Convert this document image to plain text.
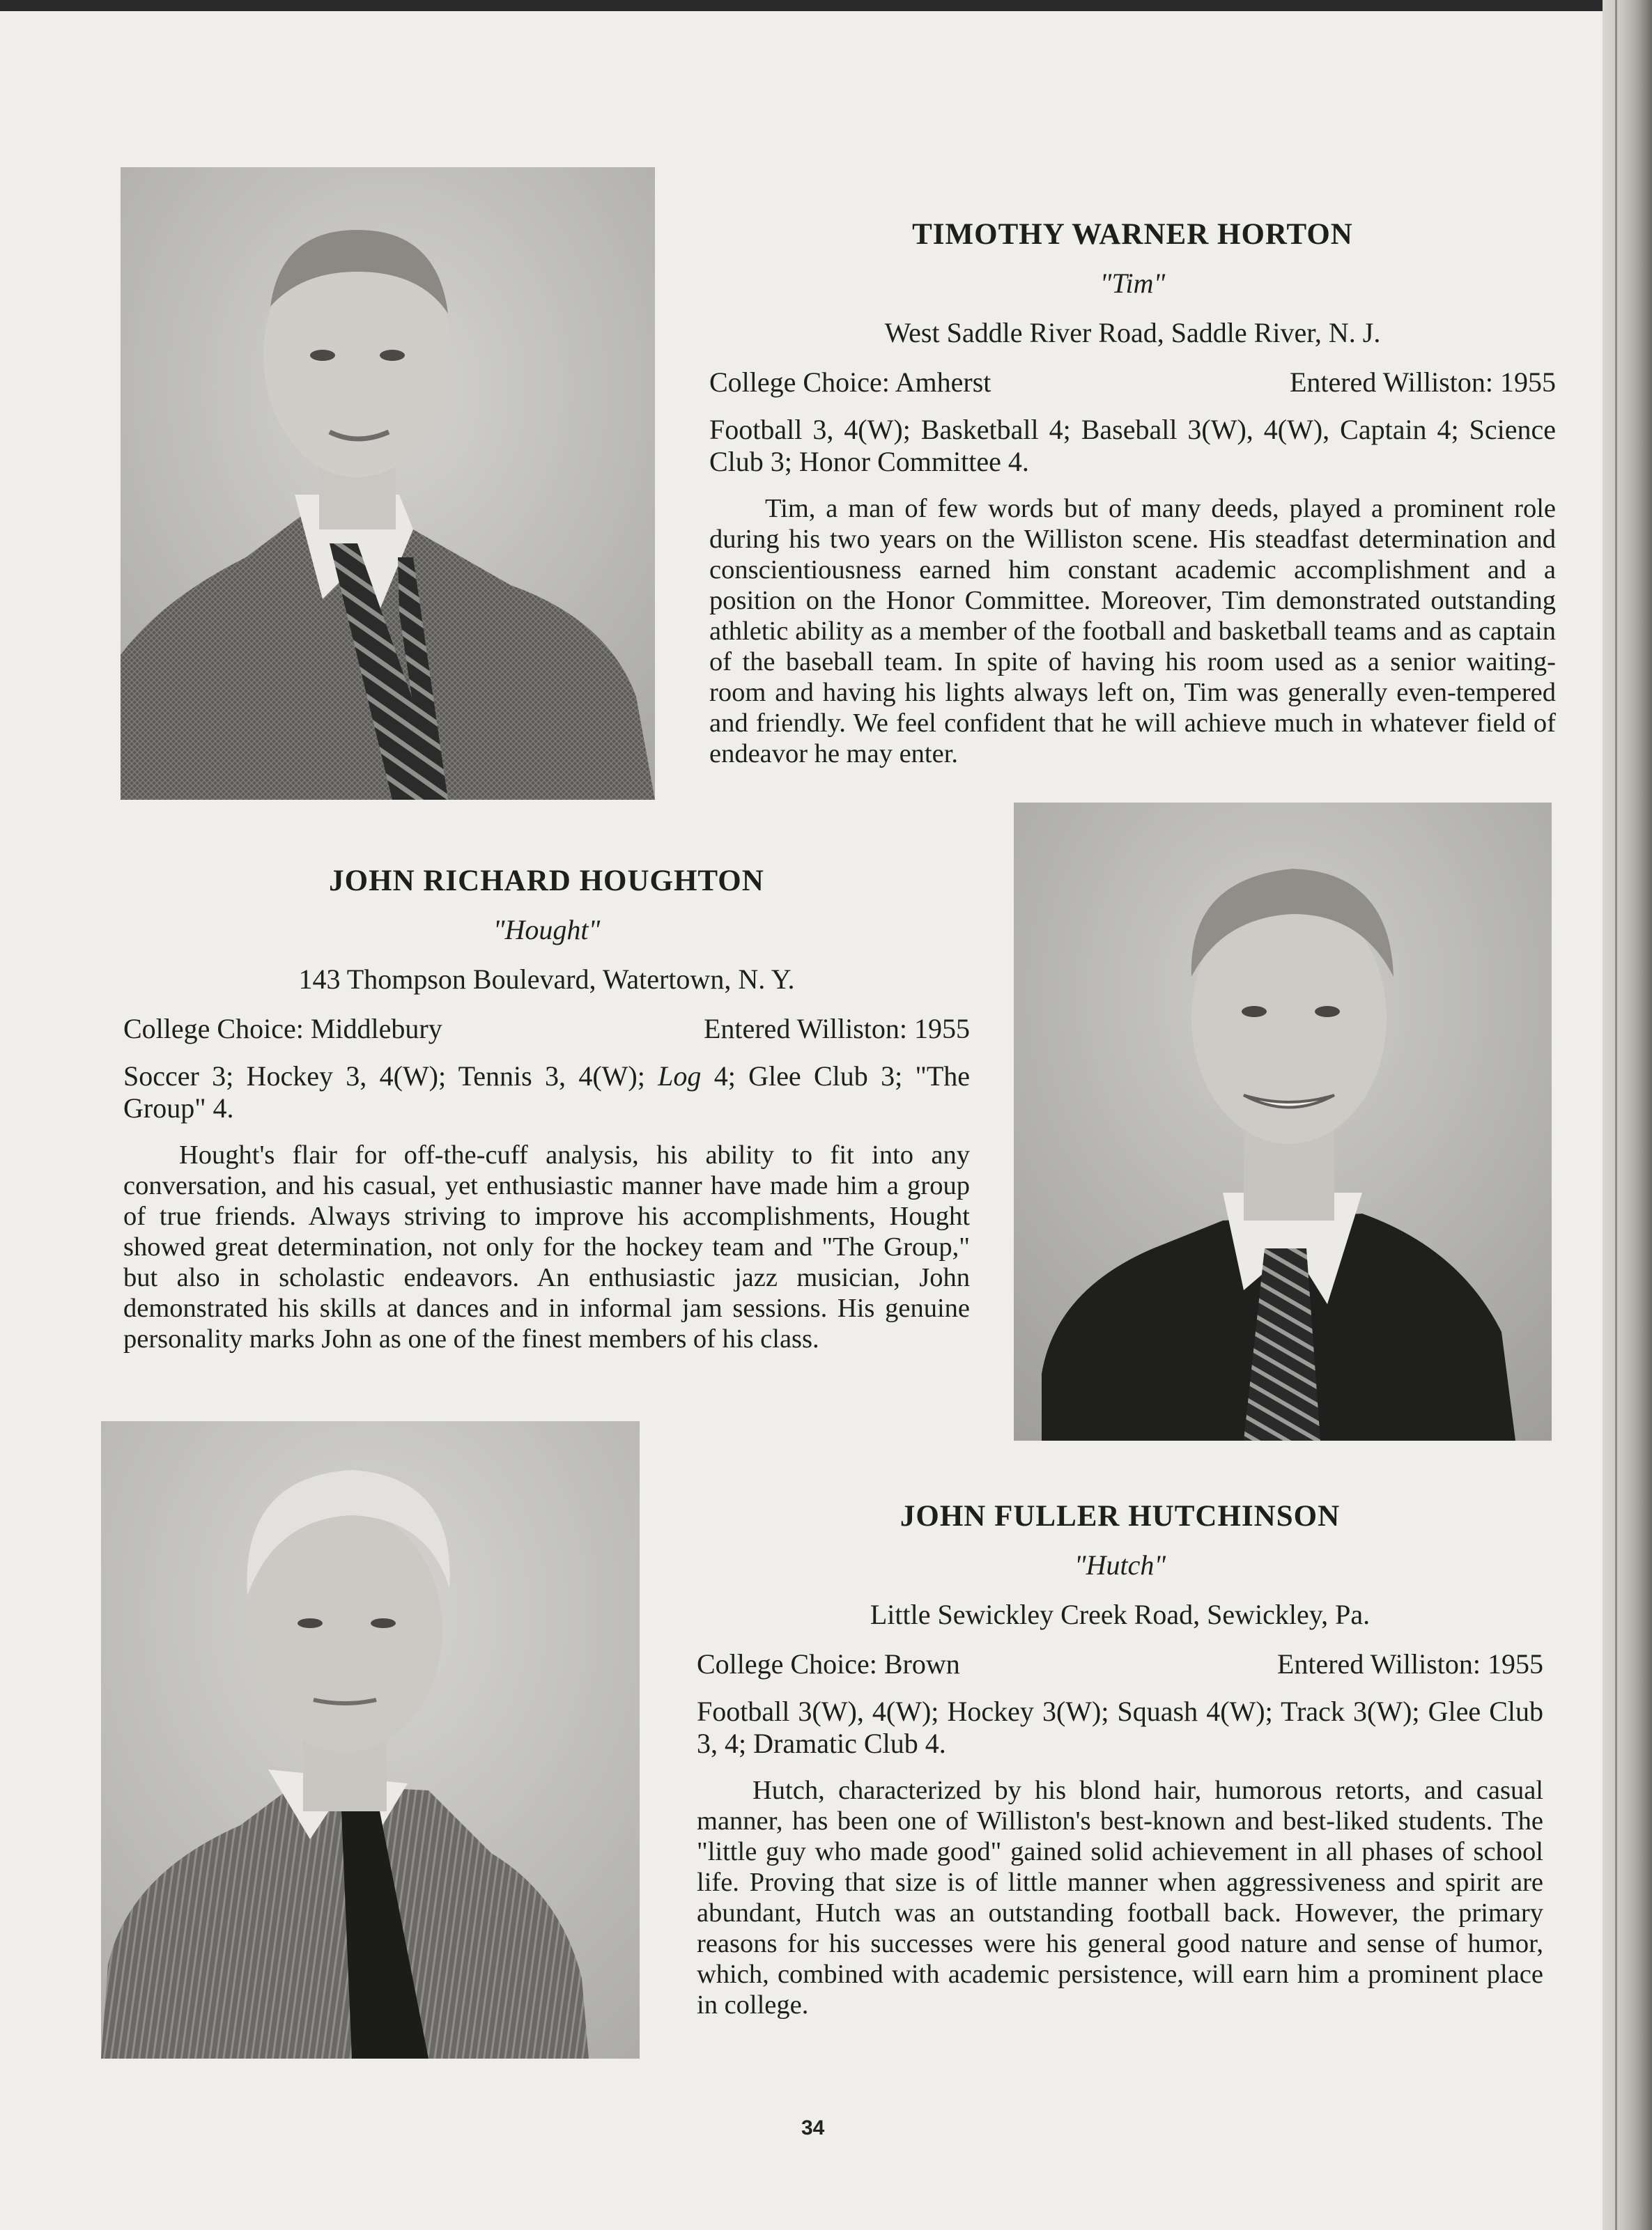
TIMOTHY WARNER HORTON
"Tim"
West Saddle River Road, Saddle River, N. J.
College Choice: Amherst	Entered Williston: 1955
Football 3, 4(W); Basketball 4; Baseball 3(W), 4(W), Captain 4; Science Club 3; Honor Committee 4.
Tim, a man of few words but of many deeds, played a prominent role during his two years on the Williston scene. His steadfast determination and conscientiousness earned him constant academic accomplishment and a position on the Honor Committee. Moreover, Tim demonstrated outstanding athletic ability as a member of the football and basketball teams and as captain of the baseball team. In spite of having his room used as a senior waiting-room and having his lights always left on, Tim was generally even-tempered and friendly. We feel confident that he will achieve much in whatever field of endeavor he may enter.
JOHN RICHARD HOUGHTON
"Hought"
143 Thompson Boulevard, Watertown, N. Y.
College Choice: Middlebury	Entered Williston: 1955
Soccer 3; Hockey 3, 4(W); Tennis 3, 4(W); Log 4; Glee Club 3; "The Group" 4.
Hought's flair for off-the-cuff analysis, his ability to fit into any conversation, and his casual, yet enthusiastic manner have made him a group of true friends. Always striving to improve his accomplishments, Hought showed great determination, not only for the hockey team and "The Group," but also in scholastic endeavors. An enthusiastic jazz musician, John demonstrated his skills at dances and in informal jam sessions. His genuine personality marks John as one of the finest members of his class.
JOHN FULLER HUTCHINSON
"Hutch"
Little Sewickley Creek Road, Sewickley, Pa.
College Choice: Brown	Entered Williston: 1955
Football 3(W), 4(W); Hockey 3(W); Squash 4(W); Track 3(W); Glee Club 3, 4; Dramatic Club 4.
Hutch, characterized by his blond hair, humorous retorts, and casual manner, has been one of Williston's best-known and best-liked students. The "little guy who made good" gained solid achievement in all phases of school life. Proving that size is of little manner when aggressiveness and spirit are abundant, Hutch was an outstanding football back. However, the primary reasons for his successes were his general good nature and sense of humor, which, combined with academic persistence, will earn him a prominent place in college.
34
